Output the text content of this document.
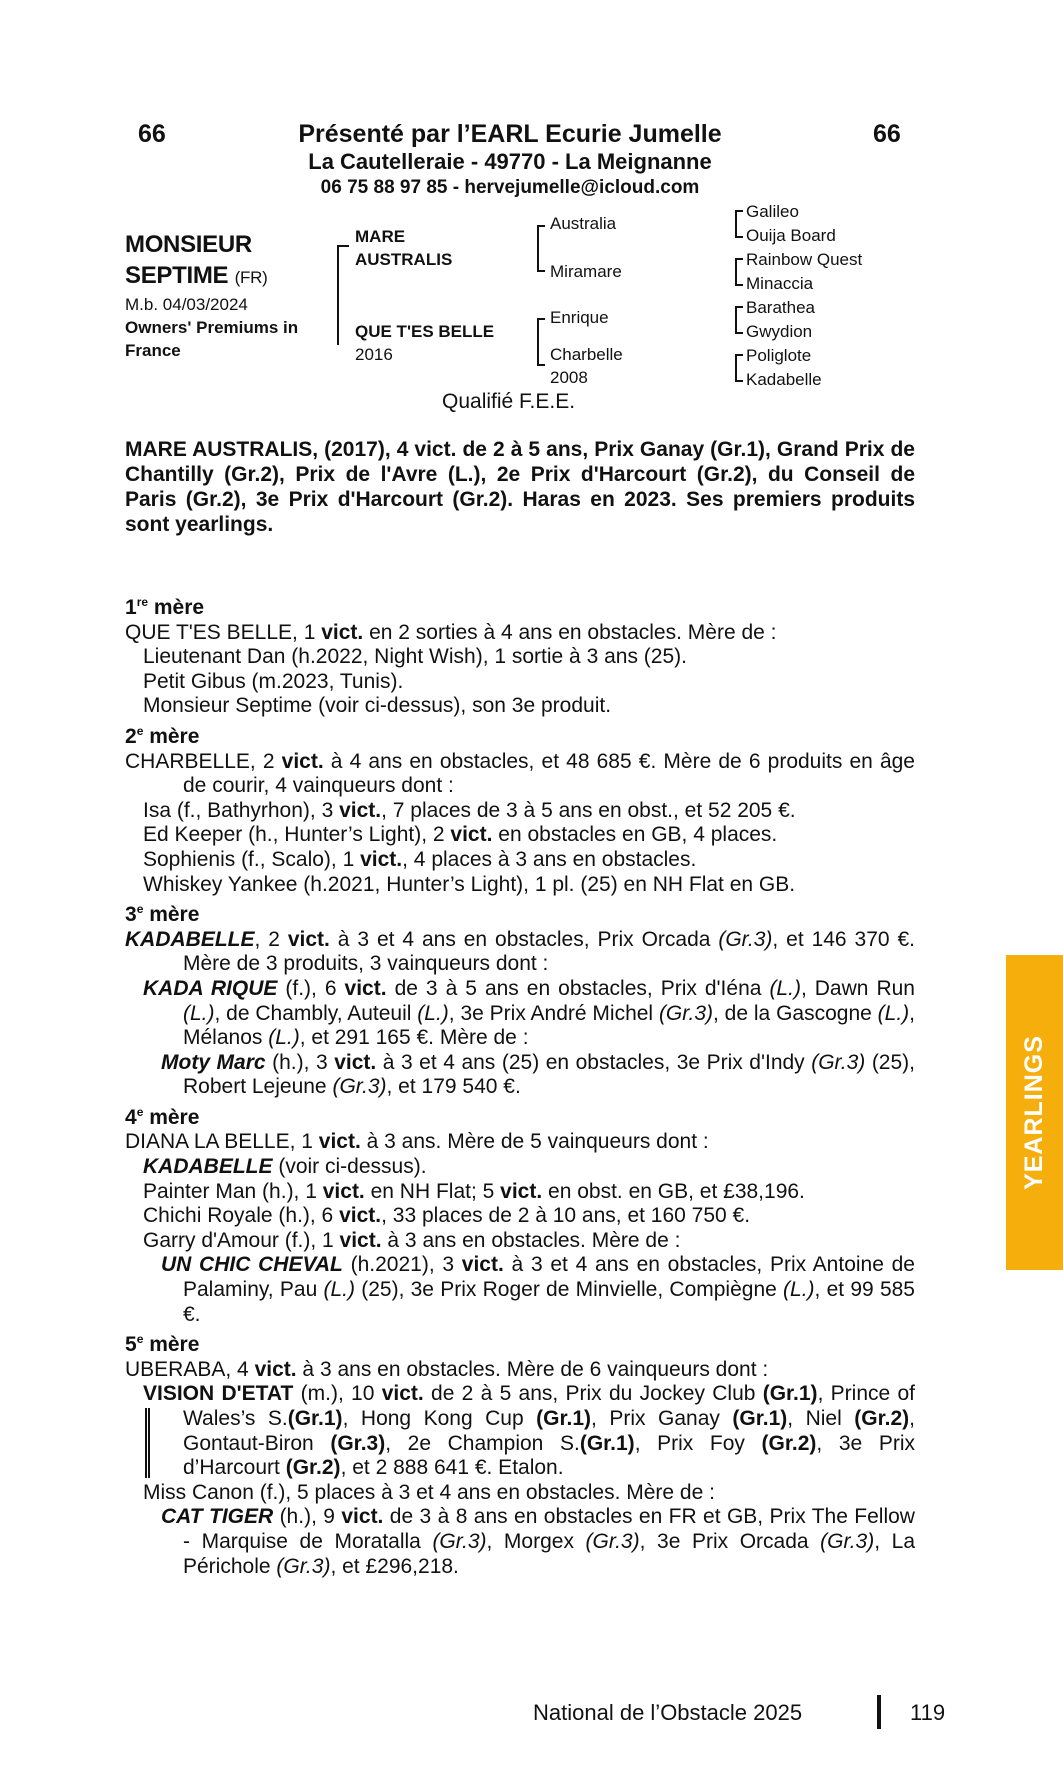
66	66
Présenté par l’EARL Ecurie Jumelle
La Cautelleraie - 49770 - La Meignanne
06 75 88 97 85 - hervejumelle@icloud.com
MONSIEUR
SEPTIME (FR)
M.b. 04/03/2024
Owners' Premiums in
France
MARE
AUSTRALIS
QUE T'ES BELLE
2016
Australia
Miramare
Enrique
Charbelle
2008
Galileo
Ouija Board
Rainbow Quest
Minaccia
Barathea
Gwydion
Poliglote
Kadabelle
Qualifié F.E.E.
MARE AUSTRALIS, (2017), 4 vict. de 2 à 5 ans, Prix Ganay (Gr.1), Grand Prix de Chantilly (Gr.2), Prix de l'Avre (L.), 2e Prix d'Harcourt (Gr.2), du Conseil de Paris (Gr.2), 3e Prix d'Harcourt (Gr.2). Haras en 2023. Ses premiers produits sont yearlings.

1re mère

QUE T'ES BELLE, 1 vict. en 2 sorties à 4 ans en obstacles. Mère de :

Lieutenant Dan (h.2022, Night Wish), 1 sortie à 3 ans (25).

Petit Gibus (m.2023, Tunis).

Monsieur Septime (voir ci-dessus), son 3e produit.

2e mère

CHARBELLE, 2 vict. à 4 ans en obstacles, et 48 685 €. Mère de 6 produits en âge de courir, 4 vainqueurs dont :

Isa (f., Bathyrhon), 3 vict., 7 places de 3 à 5 ans en obst., et 52 205 €.

Ed Keeper (h., Hunter’s Light), 2 vict. en obstacles en GB, 4 places.

Sophienis (f., Scalo), 1 vict., 4 places à 3 ans en obstacles.

Whiskey Yankee (h.2021, Hunter’s Light), 1 pl. (25) en NH Flat en GB.

3e mère

KADABELLE, 2 vict. à 3 et 4 ans en obstacles, Prix Orcada (Gr.3), et 146 370 €. Mère de 3 produits, 3 vainqueurs dont :

KADA RIQUE (f.), 6 vict. de 3 à 5 ans en obstacles, Prix d'Iéna (L.), Dawn Run (L.), de Chambly, Auteuil (L.), 3e Prix André Michel (Gr.3), de la Gascogne (L.), Mélanos (L.), et 291 165 €. Mère de :

Moty Marc (h.), 3 vict. à 3 et 4 ans (25) en obstacles, 3e Prix d'Indy (Gr.3) (25), Robert Lejeune (Gr.3), et 179 540 €.

4e mère

DIANA LA BELLE, 1 vict. à 3 ans. Mère de 5 vainqueurs dont :

KADABELLE (voir ci-dessus).

Painter Man (h.), 1 vict. en NH Flat; 5 vict. en obst. en GB, et £38,196.

Chichi Royale (h.), 6 vict., 33 places de 2 à 10 ans, et 160 750 €.

Garry d'Amour (f.), 1 vict. à 3 ans en obstacles. Mère de :

UN CHIC CHEVAL (h.2021), 3 vict. à 3 et 4 ans en obstacles, Prix Antoine de Palaminy, Pau (L.) (25), 3e Prix Roger de Minvielle, Compiègne (L.), et 99 585 €.

5e mère

UBERABA, 4 vict. à 3 ans en obstacles. Mère de 6 vainqueurs dont :

VISION D'ETAT (m.), 10 vict. de 2 à 5 ans, Prix du Jockey Club (Gr.1), Prince of Wales’s S.(Gr.1), Hong Kong Cup (Gr.1), Prix Ganay (Gr.1), Niel (Gr.2), Gontaut-Biron (Gr.3), 2e Champion S.(Gr.1), Prix Foy (Gr.2), 3e Prix d’Harcourt (Gr.2), et 2 888 641 €. Etalon.

Miss Canon (f.), 5 places à 3 et 4 ans en obstacles. Mère de :

CAT TIGER (h.), 9 vict. de 3 à 8 ans en obstacles en FR et GB, Prix The Fellow - Marquise de Moratalla (Gr.3), Morgex (Gr.3), 3e Prix Orcada (Gr.3), La Périchole (Gr.3), et £296,218.

YEARLINGS
National de l’Obstacle 2025	119
